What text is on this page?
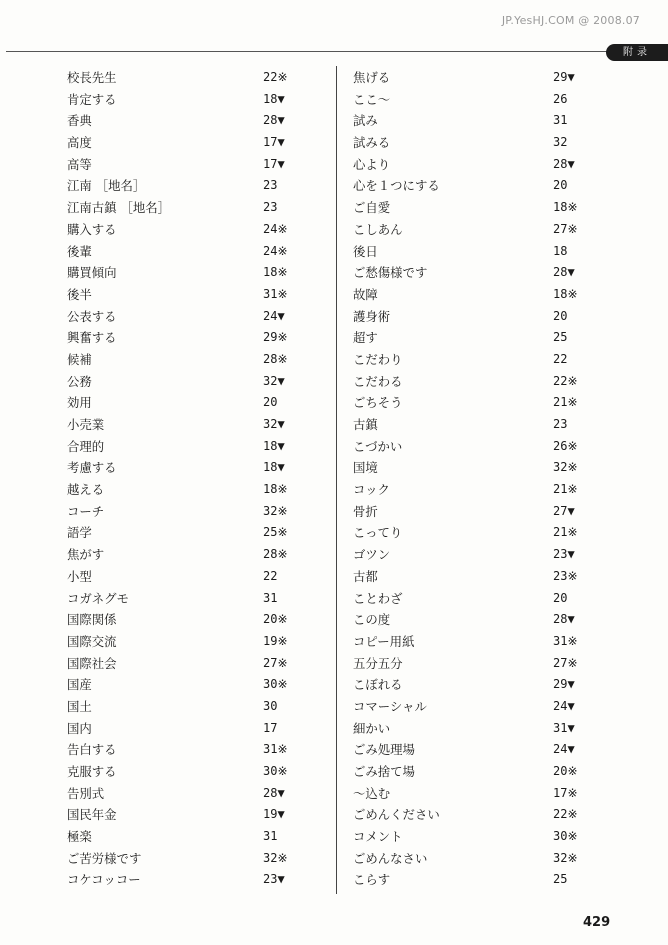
JP.YesHJ.COM @ 2008.07
附录
校長先生	22※
肯定する	18▼
香典	28▼
高度	17▼
高等	17▼
江南 ［地名］	23
江南古鎮 ［地名］	23
購入する	24※
後輩	24※
購買傾向	18※
後半	31※
公表する	24▼
興奮する	29※
候補	28※
公務	32▼
効用	20
小売業	32▼
合理的	18▼
考慮する	18▼
越える	18※
コーチ	32※
語学	25※
焦がす	28※
小型	22
コガネグモ	31
国際関係	20※
国際交流	19※
国際社会	27※
国産	30※
国土	30
国内	17
告白する	31※
克服する	30※
告別式	28▼
国民年金	19▼
極楽	31
ご苦労様です	32※
コケコッコー	23▼
焦げる	29▼
ここ～	26
試み	31
試みる	32
心より	28▼
心を１つにする	20
ご自愛	18※
こしあん	27※
後日	18
ご愁傷様です	28▼
故障	18※
護身術	20
超す	25
こだわり	22
こだわる	22※
ごちそう	21※
古鎮	23
こづかい	26※
国境	32※
コック	21※
骨折	27▼
こってり	21※
ゴツン	23▼
古都	23※
ことわざ	20
この度	28▼
コピー用紙	31※
五分五分	27※
こぼれる	29▼
コマーシャル	24▼
細かい	31▼
ごみ処理場	24▼
ごみ捨て場	20※
～込む	17※
ごめんください	22※
コメント	30※
ごめんなさい	32※
こらす	25
429
